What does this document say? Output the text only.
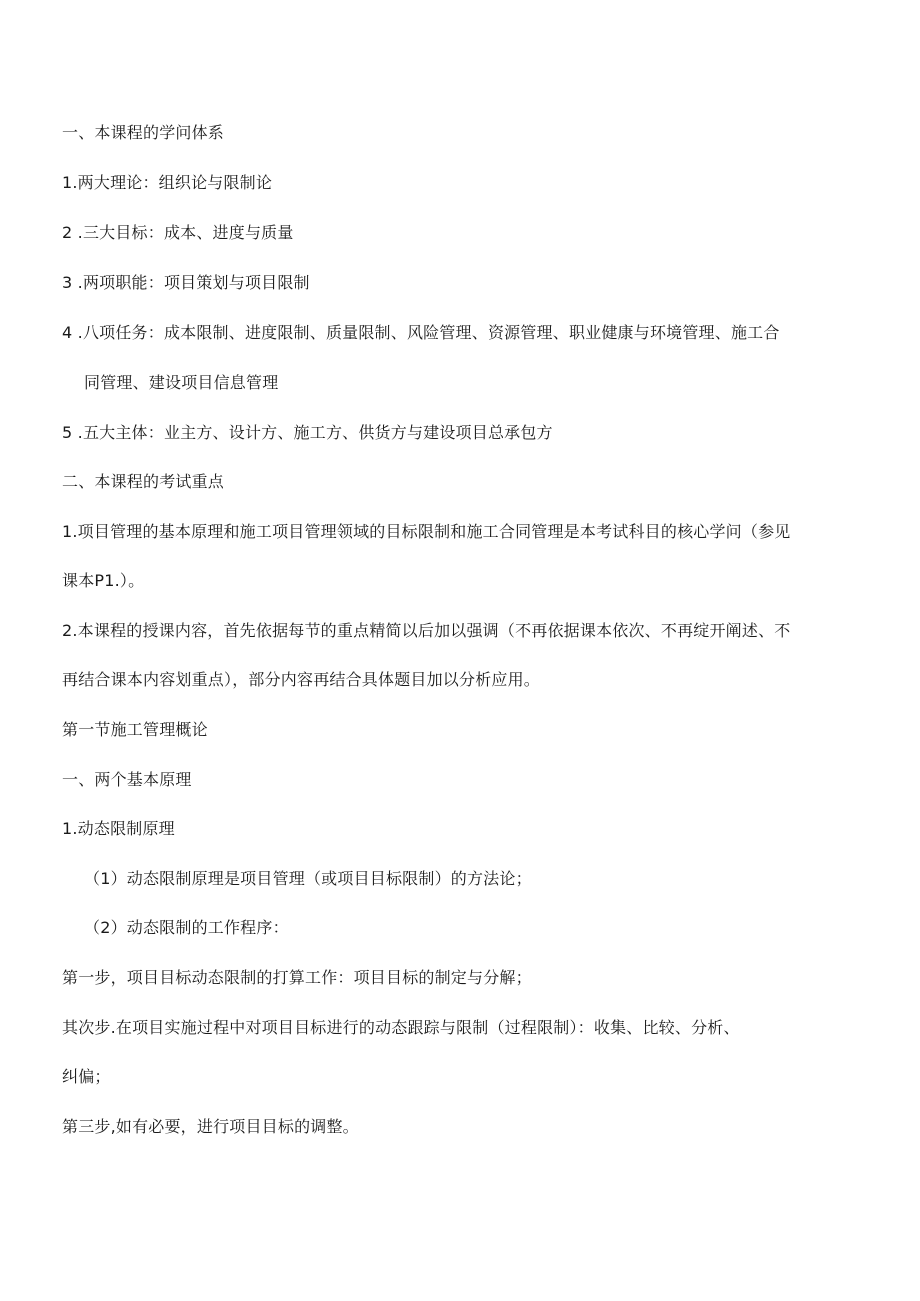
一、本课程的学问体系
1.两大理论：组织论与限制论
2 .三大目标：成本、进度与质量
3 .两项职能：项目策划与项目限制
4 .八项任务：成本限制、进度限制、质量限制、风险管理、资源管理、职业健康与环境管理、施工合
同管理、建设项目信息管理
5 .五大主体：业主方、设计方、施工方、供货方与建设项目总承包方
二、本课程的考试重点
1.项目管理的基本原理和施工项目管理领域的目标限制和施工合同管理是本考试科目的核心学问（参见
课本P1.）。
2.本课程的授课内容，首先依据每节的重点精简以后加以强调（不再依据课本依次、不再绽开阐述、不
再结合课本内容划重点），部分内容再结合具体题目加以分析应用。
第一节施工管理概论
一、两个基本原理
1.动态限制原理
（1）动态限制原理是项目管理（或项目目标限制）的方法论；
（2）动态限制的工作程序：
第一步，项目目标动态限制的打算工作：项目目标的制定与分解；
其次步.在项目实施过程中对项目目标进行的动态跟踪与限制（过程限制）：收集、比较、分析、
纠偏；
第三步,如有必要，进行项目目标的调整。
